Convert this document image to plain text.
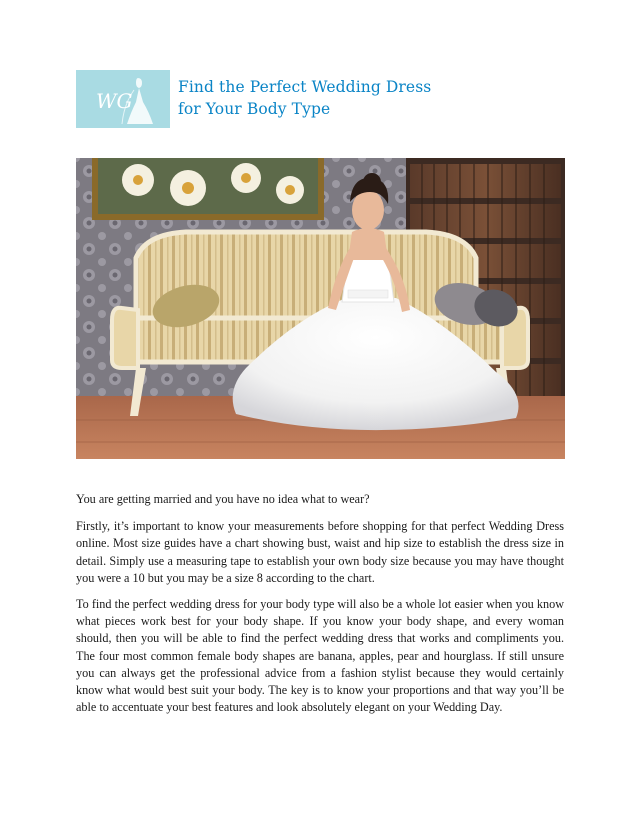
WG
Find the Perfect Wedding Dress
for Your Body Type

You are getting married and you have no idea what to wear?

Firstly, it’s important to know your measurements before shopping for that perfect Wedding Dress online. Most size guides have a chart showing bust, waist and hip size to establish the dress size in detail. Simply use a measuring tape to establish your own body size because you may have thought you were a 10 but you may be a size 8 according to the chart.

To find the perfect wedding dress for your body type will also be a whole lot easier when you know what pieces work best for your body shape. If you know your body shape, and every woman should, then you will be able to find the perfect wedding dress that works and compliments you. The four most common female body shapes are banana, apples, pear and hourglass. If still unsure you can always get the professional advice from a fashion stylist because they would certainly know what would best suit your body. The key is to know your proportions and that way you’ll be able to accentuate your best features and look absolutely elegant on your Wedding Day.
